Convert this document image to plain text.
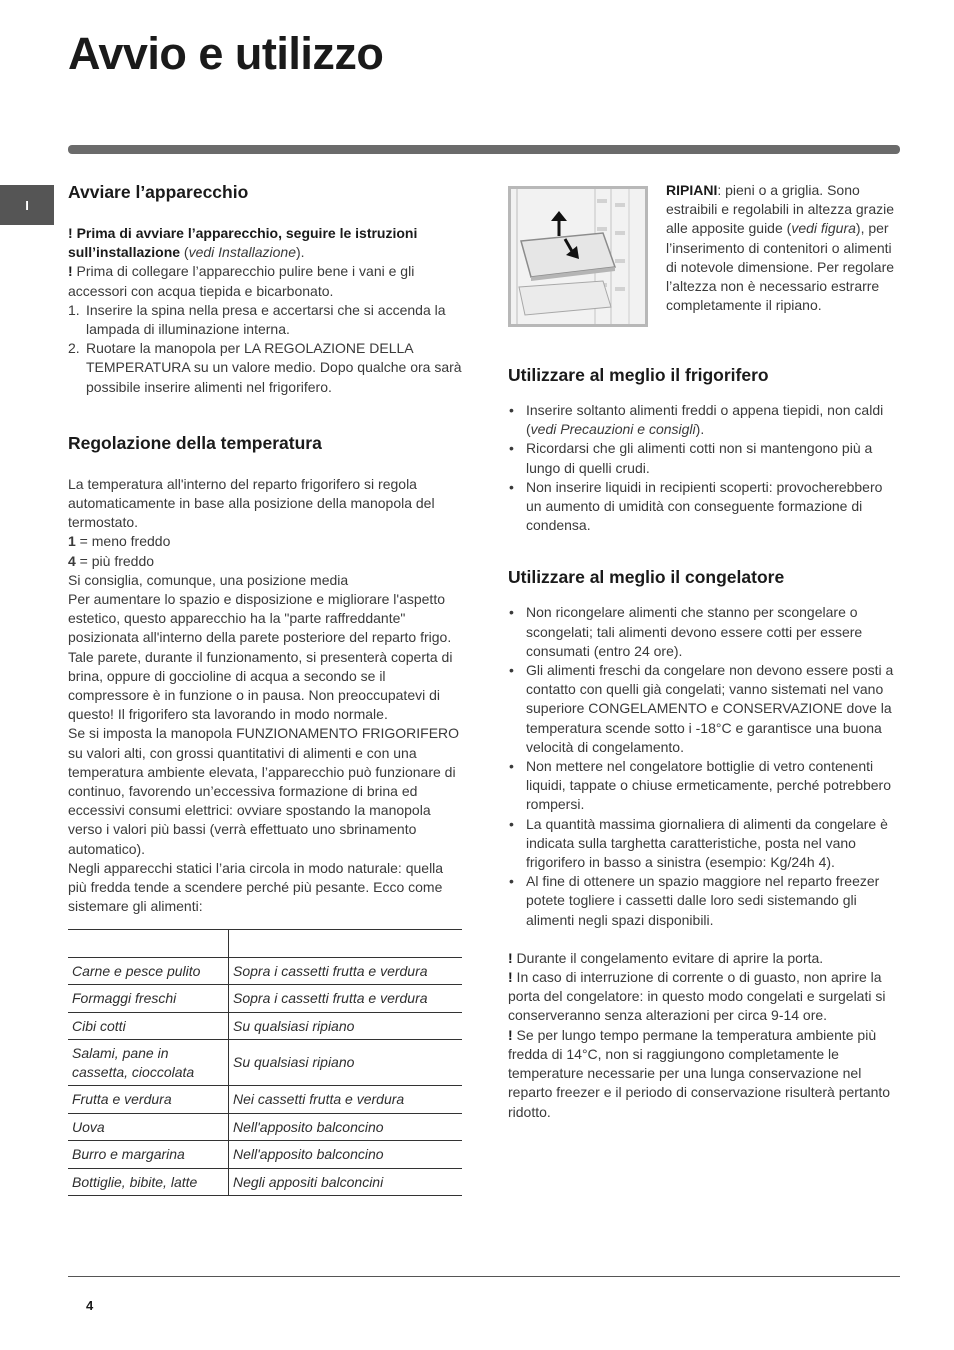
Avvio e utilizzo
I
Avviare l’apparecchio

! Prima di avviare l’apparecchio, seguire le istruzioni sull’installazione (vedi Installazione).

! Prima di collegare l’apparecchio pulire bene i vani e gli accessori con acqua tiepida e bicarbonato.

1. Inserire la spina nella presa e accertarsi che si accenda la lampada di illuminazione interna.
2. Ruotare la manopola per LA REGOLAZIONE DELLA TEMPERATURA su un valore medio. Dopo qualche ora sarà possibile inserire alimenti nel frigorifero.
Regolazione della temperatura

La temperatura all'interno del reparto frigorifero si regola automaticamente in base alla posizione della manopola del termostato.

1 = meno freddo

4 = più freddo

Si consiglia, comunque, una posizione media

Per aumentare lo spazio e disposizione e migliorare l'aspetto estetico, questo apparecchio ha la "parte raffreddante" posizionata all'interno della parete posteriore del reparto frigo. Tale parete, durante il funzionamento, si presenterà coperta di brina, oppure di goccioline di acqua a secondo se il compressore è in funzione o in pausa. Non preoccupatevi di questo! Il frigorifero sta lavorando in modo normale.

Se si imposta la manopola FUNZIONAMENTO FRIGORIFERO su valori alti, con grossi quantitativi di alimenti e con una temperatura ambiente elevata, l’apparecchio può funzionare di continuo, favorendo un’eccessiva formazione di brina ed eccessivi consumi elettrici: ovviare spostando la manopola verso i valori più bassi (verrà effettuato uno sbrinamento automatico).

Negli apparecchi statici l’aria circola in modo naturale: quella più fredda tende a scendere perché più pesante. Ecco come sistemare gli alimenti:

Carne e pesce pulito	Sopra i cassetti frutta e verdura
Formaggi freschi	Sopra i cassetti frutta e verdura
Cibi cotti	Su qualsiasi ripiano
Salami, pane in cassetta, cioccolata	Su qualsiasi ripiano
Frutta e verdura	Nei cassetti frutta e verdura
Uova	Nell'apposito balconcino
Burro e margarina	Nell'apposito balconcino
Bottiglie, bibite, latte	Negli appositi balconcini

RIPIANI: pieni o a griglia. Sono estraibili e regolabili in altezza grazie alle apposite guide (vedi figura), per l’inserimento di contenitori o alimenti di notevole dimensione. Per regolare l’altezza non è necessario estrarre completamente il ripiano.

Utilizzare al meglio il frigorifero
• Inserire soltanto alimenti freddi o appena tiepidi, non caldi (vedi Precauzioni e consigli).
• Ricordarsi che gli alimenti cotti non si mantengono più a lungo di quelli crudi.
• Non inserire liquidi in recipienti scoperti: provocherebbero un aumento di umidità con conseguente formazione di condensa.
Utilizzare al meglio il congelatore
• Non ricongelare alimenti che stanno per scongelare o scongelati; tali alimenti devono essere cotti per essere consumati (entro 24 ore).
• Gli alimenti freschi da congelare non devono essere posti a contatto con quelli già congelati; vanno sistemati nel vano superiore CONGELAMENTO e CONSERVAZIONE dove la temperatura scende sotto i -18°C e garantisce una buona velocità di congelamento.
• Non mettere nel congelatore bottiglie di vetro contenenti liquidi, tappate o chiuse ermeticamente, perché potrebbero rompersi.
• La quantità massima giornaliera di alimenti da congelare è indicata sulla targhetta caratteristiche, posta nel vano frigorifero in basso a sinistra (esempio: Kg/24h 4).
• Al fine di ottenere un spazio maggiore nel reparto freezer potete togliere i cassetti dalle loro sedi sistemando gli alimenti negli spazi disponibili.

! Durante il congelamento evitare di aprire la porta.

! In caso di interruzione di corrente o di guasto, non aprire la porta del congelatore: in questo modo congelati e surgelati si conserveranno senza alterazioni per circa 9-14 ore.

! Se per lungo tempo permane la temperatura ambiente più fredda di 14°C, non si raggiungono completamente le temperature necessarie per una lunga conservazione nel reparto freezer e il periodo di conservazione risulterà pertanto ridotto.

4
